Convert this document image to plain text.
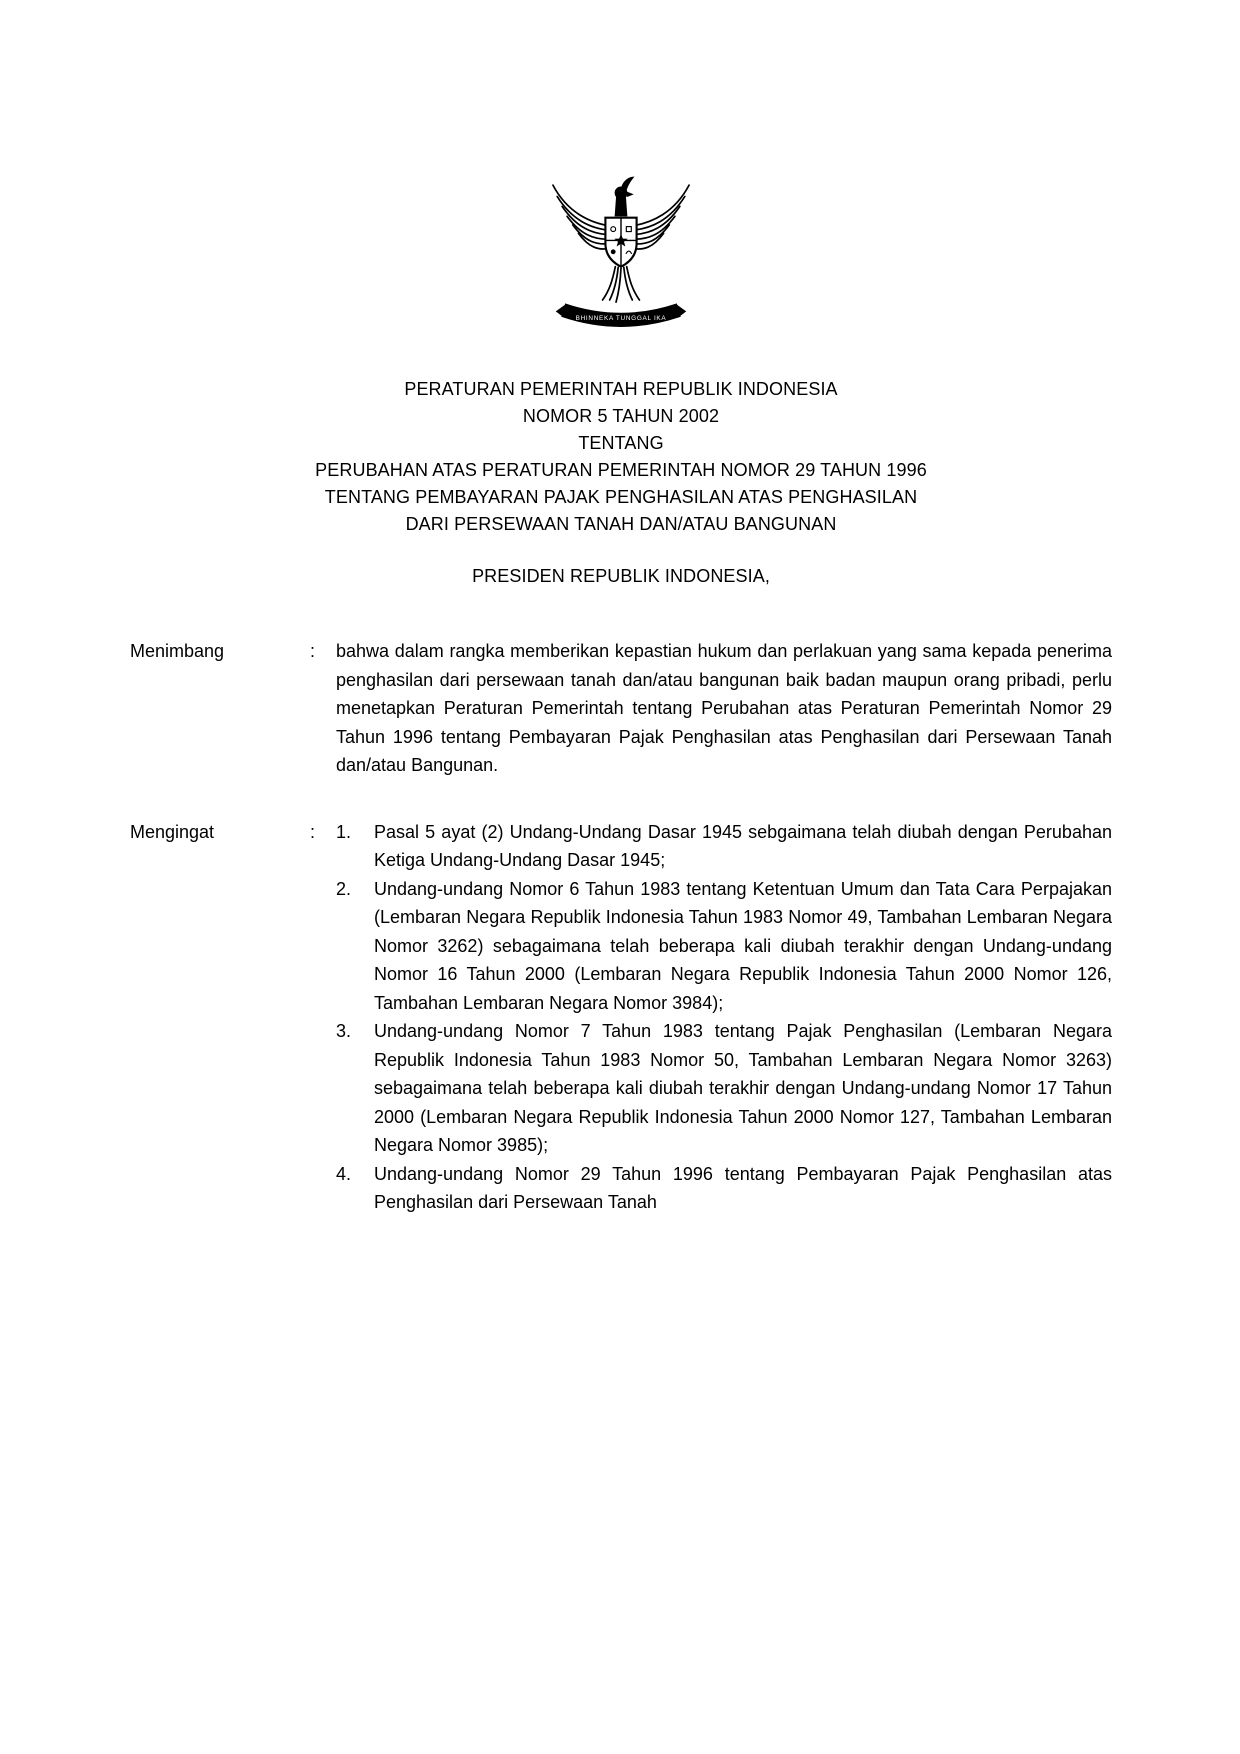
BHINNEKA TUNGGAL IKA
PERATURAN PEMERINTAH REPUBLIK INDONESIA
NOMOR 5 TAHUN 2002
TENTANG
PERUBAHAN ATAS PERATURAN PEMERINTAH NOMOR 29 TAHUN 1996
TENTANG PEMBAYARAN PAJAK PENGHASILAN ATAS PENGHASILAN
DARI PERSEWAAN TANAH DAN/ATAU BANGUNAN
PRESIDEN REPUBLIK INDONESIA,
Menimbang	:	bahwa dalam rangka memberikan kepastian hukum dan perlakuan yang sama kepada penerima penghasilan dari persewaan tanah dan/atau bangunan baik badan maupun orang pribadi, perlu menetapkan Peraturan Pemerintah tentang Perubahan atas Peraturan Pemerintah Nomor 29 Tahun 1996 tentang Pembayaran Pajak Penghasilan atas Penghasilan dari Persewaan Tanah dan/atau Bangunan.

Mengingat	:	1.	Pasal 5 ayat (2) Undang-Undang Dasar 1945 sebgaimana telah diubah dengan Perubahan Ketiga Undang-Undang Dasar 1945;
2.	Undang-undang Nomor 6 Tahun 1983 tentang Ketentuan Umum dan Tata Cara Perpajakan (Lembaran Negara Republik Indonesia Tahun 1983 Nomor 49, Tambahan Lembaran Negara Nomor 3262) sebagaimana telah beberapa kali diubah terakhir dengan Undang-undang Nomor 16 Tahun 2000 (Lembaran Negara Republik Indonesia Tahun 2000 Nomor 126, Tambahan Lembaran Negara Nomor 3984);
3.	Undang-undang Nomor 7 Tahun 1983 tentang Pajak Penghasilan (Lembaran Negara Republik Indonesia Tahun 1983 Nomor 50, Tambahan Lembaran Negara Nomor 3263) sebagaimana telah beberapa kali diubah terakhir dengan Undang-undang Nomor 17 Tahun 2000 (Lembaran Negara Republik Indonesia Tahun 2000 Nomor 127, Tambahan Lembaran Negara Nomor 3985);
4.	Undang-undang Nomor 29 Tahun 1996 tentang Pembayaran Pajak Penghasilan atas Penghasilan dari Persewaan Tanah
